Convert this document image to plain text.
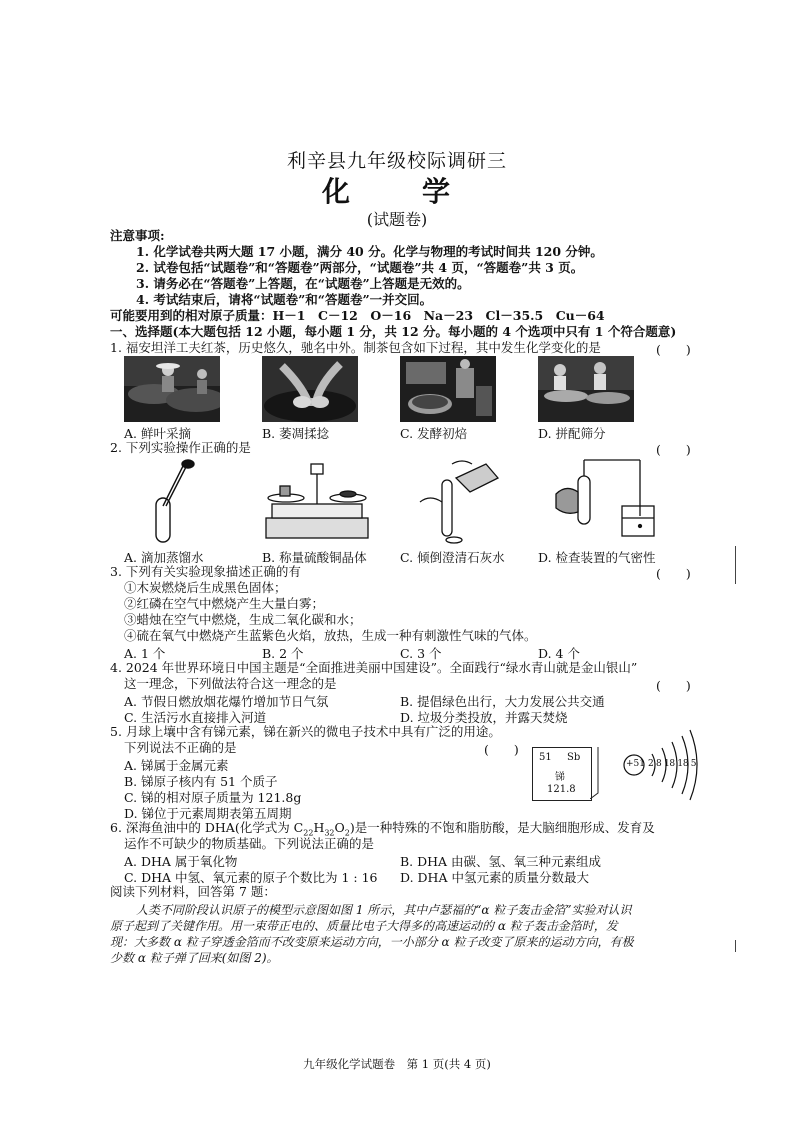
利辛县九年级校际调研三
化　学
(试题卷)
注意事项:
1. 化学试卷共两大题 17 小题，满分 40 分。化学与物理的考试时间共 120 分钟。
2. 试卷包括“试题卷”和“答题卷”两部分，“试题卷”共 4 页，“答题卷”共 3 页。
3. 请务必在“答题卷”上答题，在“试题卷”上答题是无效的。
4. 考试结束后，请将“试题卷”和“答题卷”一并交回。
可能要用到的相对原子质量：H－1　C－12　O－16　Na－23　Cl－35.5　Cu－64
一、选择题(本大题包括 12 小题，每小题 1 分，共 12 分。每小题的 4 个选项中只有 1 个符合题意)
1. 福安坦洋工夫红茶，历史悠久，驰名中外。制茶包含如下过程，其中发生化学变化的是	(　　)
A. 鲜叶采摘	B. 萎凋揉捻	C. 发酵初焙	D. 拼配筛分
2. 下列实验操作正确的是	(　　)
A. 滴加蒸馏水	B. 称量硫酸铜晶体	C. 倾倒澄清石灰水	D. 检查装置的气密性
3. 下列有关实验现象描述正确的有	(　　)
①木炭燃烧后生成黑色固体；
②红磷在空气中燃烧产生大量白雾；
③蜡烛在空气中燃烧，生成二氧化碳和水；
④硫在氧气中燃烧产生蓝紫色火焰，放热，生成一种有刺激性气味的气体。
A. 1 个	B. 2 个	C. 3 个	D. 4 个
4. 2024 年世界环境日中国主题是“全面推进美丽中国建设”。全面践行“绿水青山就是金山银山”
这一理念，下列做法符合这一理念的是	(　　)
A. 节假日燃放烟花爆竹增加节日气氛	B. 提倡绿色出行，大力发展公共交通
C. 生活污水直接排入河道	D. 垃圾分类投放，并露天焚烧
5. 月球上壤中含有锑元素，锑在新兴的微电子技术中具有广泛的用途。
下列说法不正确的是	(　　)
A. 锑属于金属元素
B. 锑原子核内有 51 个质子
C. 锑的相对原子质量为 121.8g
D. 锑位于元素周期表第五周期
51 Sb
锑
121.8
+51 2 8 18 18 5
6. 深海鱼油中的 DHA(化学式为 $C_{22}H_{32}O_2$)是一种特殊的不饱和脂肪酸，是大脑细胞形成、发育及
运作不可缺少的物质基础。下列说法正确的是
A. DHA 属于氧化物	B. DHA 由碳、氢、氧三种元素组成
C. DHA 中氢、氧元素的原子个数比为 1 : 16 D. DHA 中氢元素的质量分数最大
阅读下列材料，回答第 7 题：
人类不同阶段认识原子的模型示意图如图 1 所示，其中卢瑟福的“α 粒子轰击金箔”实验对认识
原子起到了关键作用。用一束带正电的、质量比电子大得多的高速运动的 α 粒子轰击金箔时，发
现：大多数 α 粒子穿透金箔而不改变原来运动方向，一小部分 α 粒子改变了原来的运动方向，有极
少数 α 粒子弹了回来(如图 2)。
九年级化学试题卷　第 1 页(共 4 页)
